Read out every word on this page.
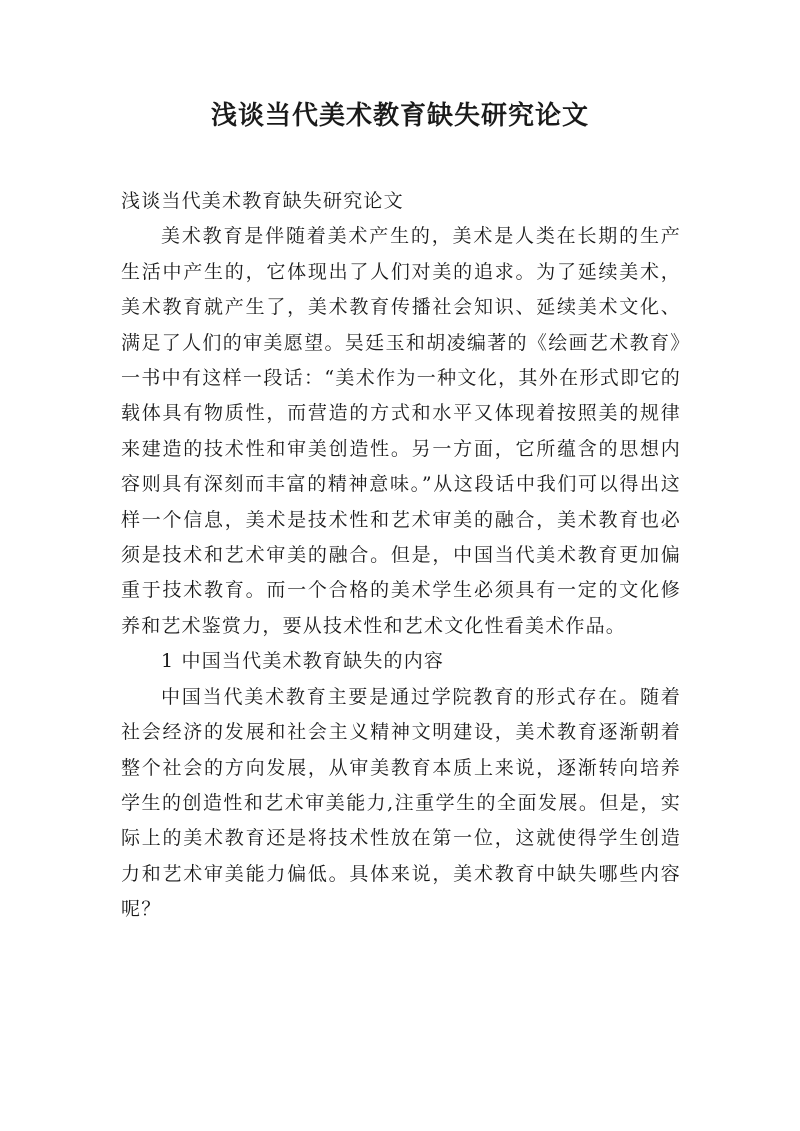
浅谈当代美术教育缺失研究论文

浅谈当代美术教育缺失研究论文

美术教育是伴随着美术产生的，美术是人类在长期的生产生活中产生的，它体现出了人们对美的追求。为了延续美术，美术教育就产生了，美术教育传播社会知识、延续美术文化、满足了人们的审美愿望。吴廷玉和胡凌编著的《绘画艺术教育》一书中有这样一段话：“美术作为一种文化，其外在形式即它的载体具有物质性，而营造的方式和水平又体现着按照美的规律来建造的技术性和审美创造性。另一方面，它所蕴含的思想内容则具有深刻而丰富的精神意味。”从这段话中我们可以得出这样一个信息，美术是技术性和艺术审美的融合，美术教育也必须是技术和艺术审美的融合。但是，中国当代美术教育更加偏重于技术教育。而一个合格的美术学生必须具有一定的文化修养和艺术鉴赏力，要从技术性和艺术文化性看美术作品。

1 中国当代美术教育缺失的内容

中国当代美术教育主要是通过学院教育的形式存在。随着社会经济的发展和社会主义精神文明建设，美术教育逐渐朝着整个社会的方向发展，从审美教育本质上来说，逐渐转向培养学生的创造性和艺术审美能力,注重学生的全面发展。但是，实际上的美术教育还是将技术性放在第一位，这就使得学生创造力和艺术审美能力偏低。具体来说，美术教育中缺失哪些内容呢？
